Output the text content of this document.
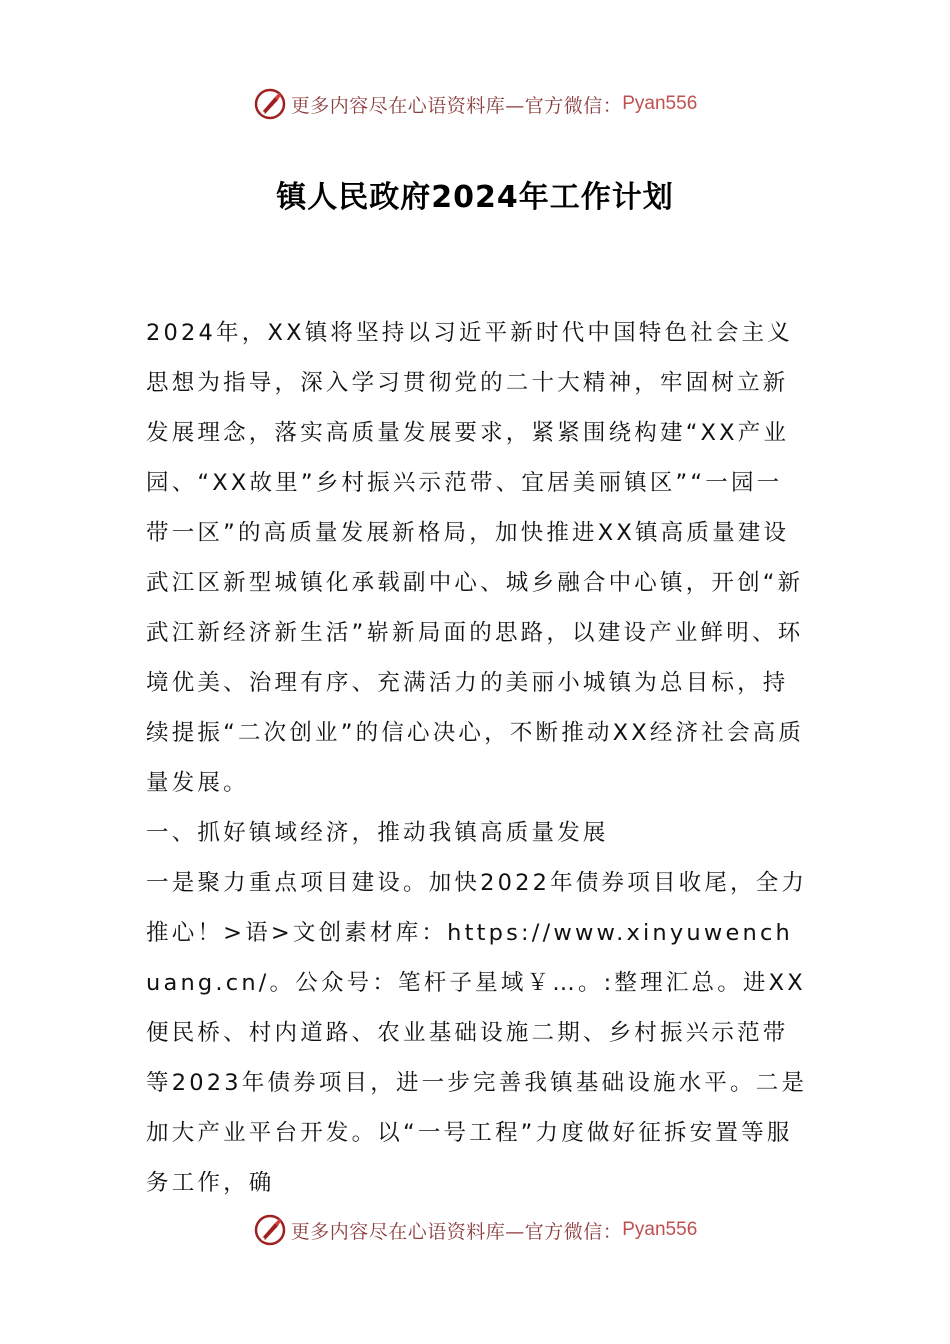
更多内容尽在心语资料库—官方微信： Pyan556
镇人民政府2024年工作计划

2024年，XX镇将坚持以习近平新时代中国特色社会主义思想为指导，深入学习贯彻党的二十大精神，牢固树立新发展理念，落实高质量发展要求，紧紧围绕构建“XX产业园、“XX故里”乡村振兴示范带、宜居美丽镇区”“一园一带一区”的高质量发展新格局，加快推进XX镇高质量建设武江区新型城镇化承载副中心、城乡融合中心镇，开创“新武江新经济新生活”崭新局面的思路，以建设产业鲜明、环境优美、治理有序、充满活力的美丽小城镇为总目标，持续提振“二次创业”的信心决心，不断推动XX经济社会高质量发展。

一、抓好镇域经济，推动我镇高质量发展

一是聚力重点项目建设。加快2022年债券项目收尾，全力推心！>语>文创素材库：https://www.xinyuwenchuang.cn/。公众号：笔杆子星域￥…。:整理汇总。进XX便民桥、村内道路、农业基础设施二期、乡村振兴示范带等2023年债券项目，进一步完善我镇基础设施水平。二是加大产业平台开发。以“一号工程”力度做好征拆安置等服务工作，确

更多内容尽在心语资料库—官方微信： Pyan556
